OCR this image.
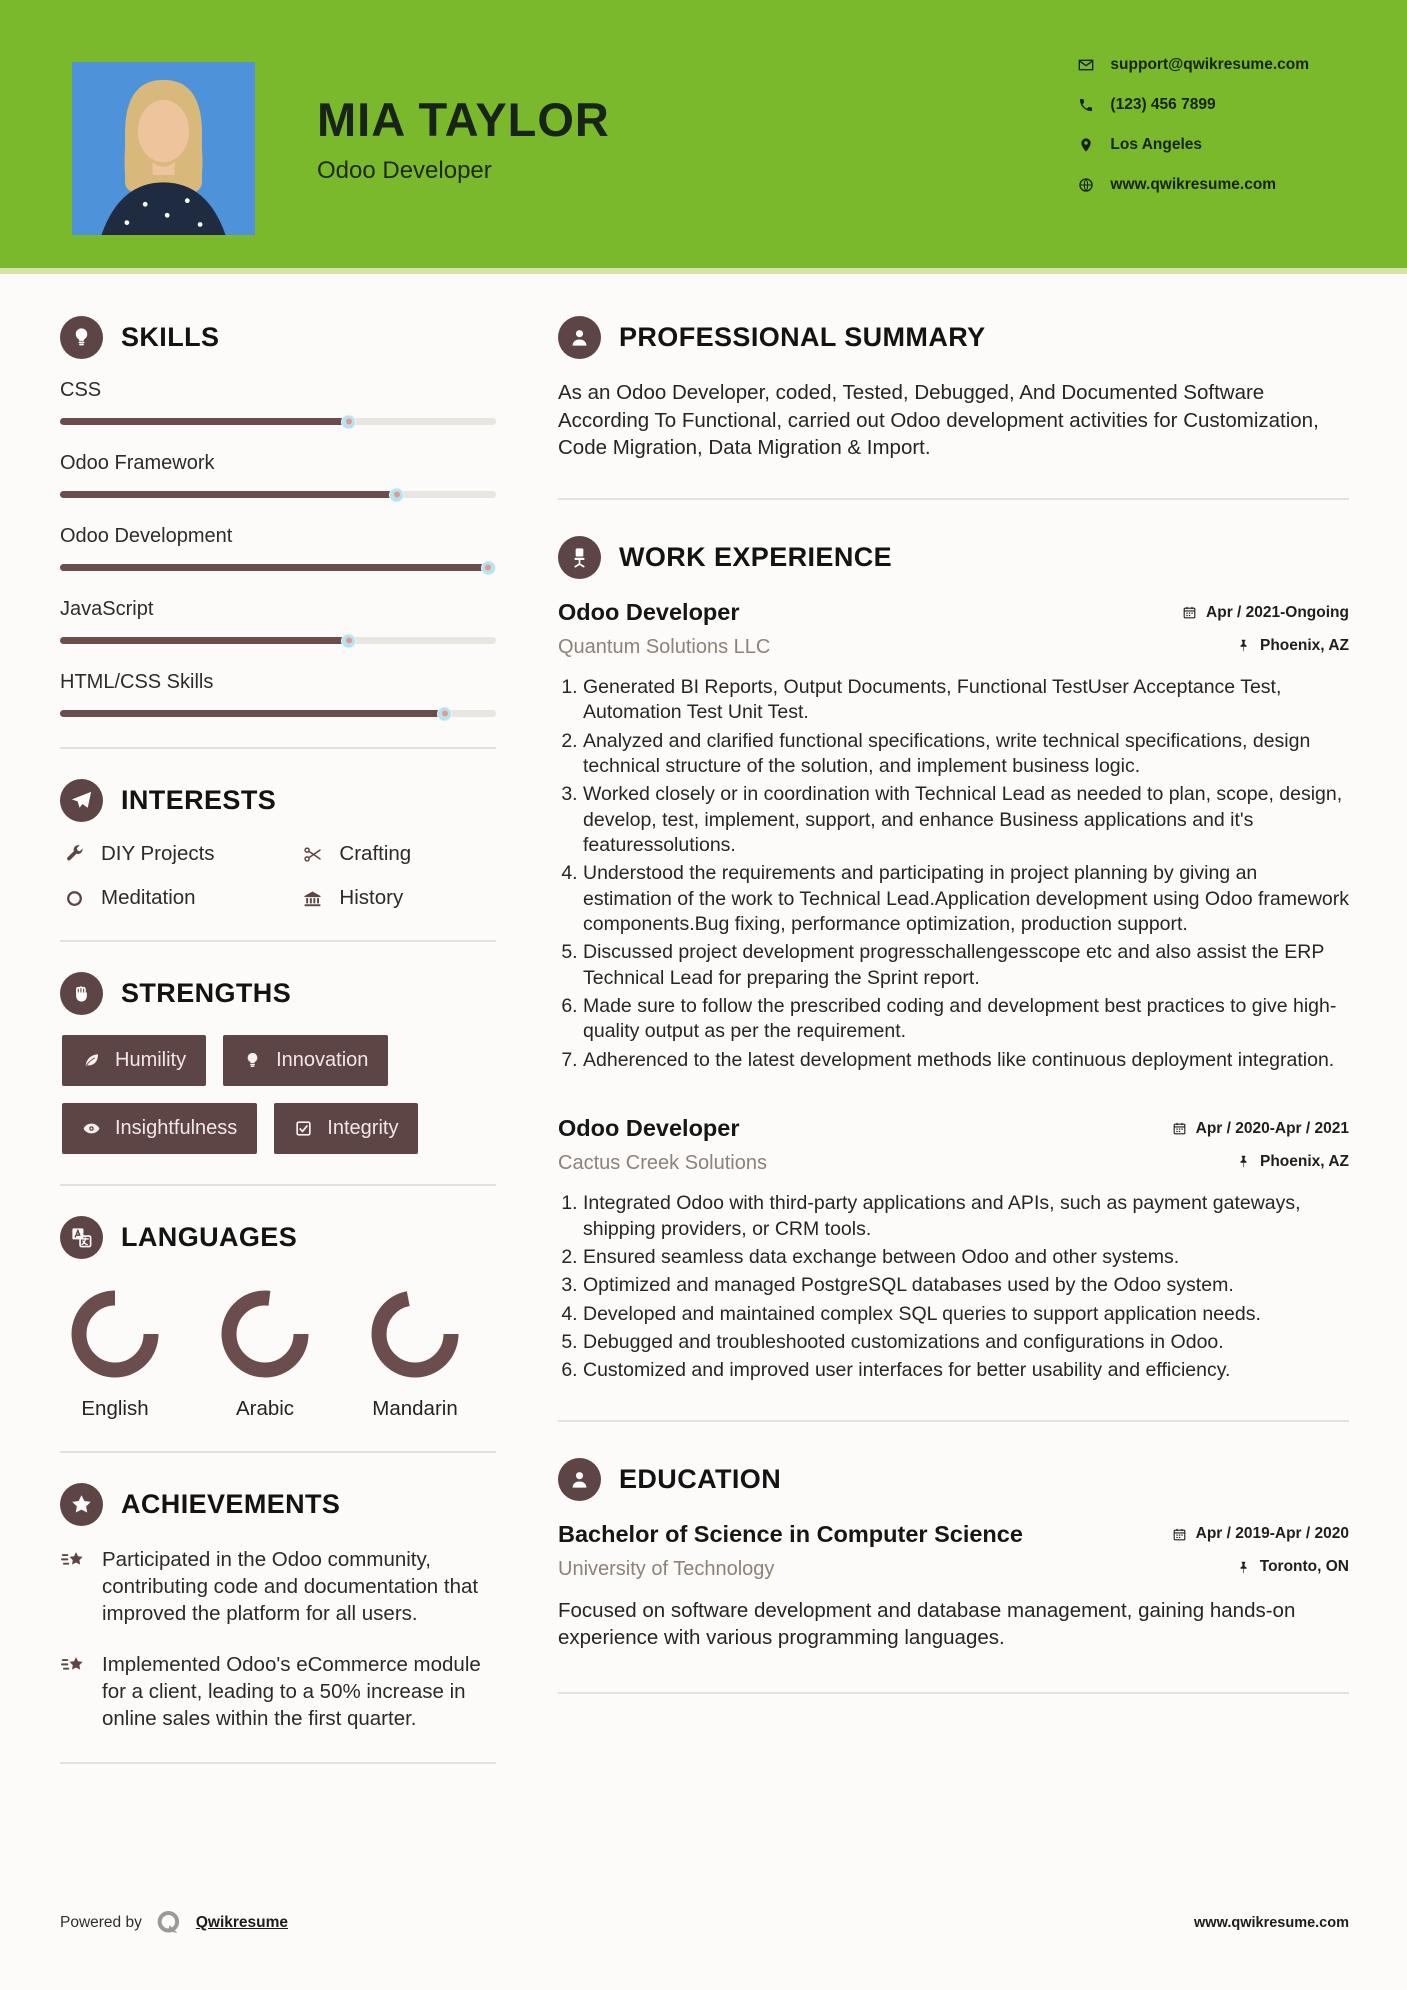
MIA TAYLOR
Odoo Developer
support@qwikresume.com
(123) 456 7899
Los Angeles
www.qwikresume.com
SKILLS
CSS
Odoo Framework
Odoo Development
JavaScript
HTML/CSS Skills
INTERESTS
DIY Projects	Crafting
Meditation	History
STRENGTHS
Humility	Innovation
Insightfulness	Integrity
LANGUAGES
English	Arabic	Mandarin
ACHIEVEMENTS
Participated in the Odoo community, contributing code and documentation that improved the platform for all users.
Implemented Odoo's eCommerce module for a client, leading to a 50% increase in online sales within the first quarter.
PROFESSIONAL SUMMARY

As an Odoo Developer, coded, Tested, Debugged, And Documented Software According To Functional, carried out Odoo development activities for Customization, Code Migration, Data Migration & Import.

WORK EXPERIENCE
Odoo Developer	Apr / 2021-Ongoing
Quantum Solutions LLC	Phoenix, AZ
1. Generated BI Reports, Output Documents, Functional TestUser Acceptance Test, Automation Test Unit Test.
2. Analyzed and clarified functional specifications, write technical specifications, design technical structure of the solution, and implement business logic.
3. Worked closely or in coordination with Technical Lead as needed to plan, scope, design, develop, test, implement, support, and enhance Business applications and it's featuressolutions.
4. Understood the requirements and participating in project planning by giving an estimation of the work to Technical Lead.Application development using Odoo framework components.Bug fixing, performance optimization, production support.
5. Discussed project development progresschallengesscope etc and also assist the ERP Technical Lead for preparing the Sprint report.
6. Made sure to follow the prescribed coding and development best practices to give high-quality output as per the requirement.
7. Adherenced to the latest development methods like continuous deployment integration.
Odoo Developer	Apr / 2020-Apr / 2021
Cactus Creek Solutions	Phoenix, AZ
1. Integrated Odoo with third-party applications and APIs, such as payment gateways, shipping providers, or CRM tools.
2. Ensured seamless data exchange between Odoo and other systems.
3. Optimized and managed PostgreSQL databases used by the Odoo system.
4. Developed and maintained complex SQL queries to support application needs.
5. Debugged and troubleshooted customizations and configurations in Odoo.
6. Customized and improved user interfaces for better usability and efficiency.
EDUCATION
Bachelor of Science in Computer Science	Apr / 2019-Apr / 2020
University of Technology	Toronto, ON

Focused on software development and database management, gaining hands-on experience with various programming languages.

Powered by	Qwikresume	www.qwikresume.com
